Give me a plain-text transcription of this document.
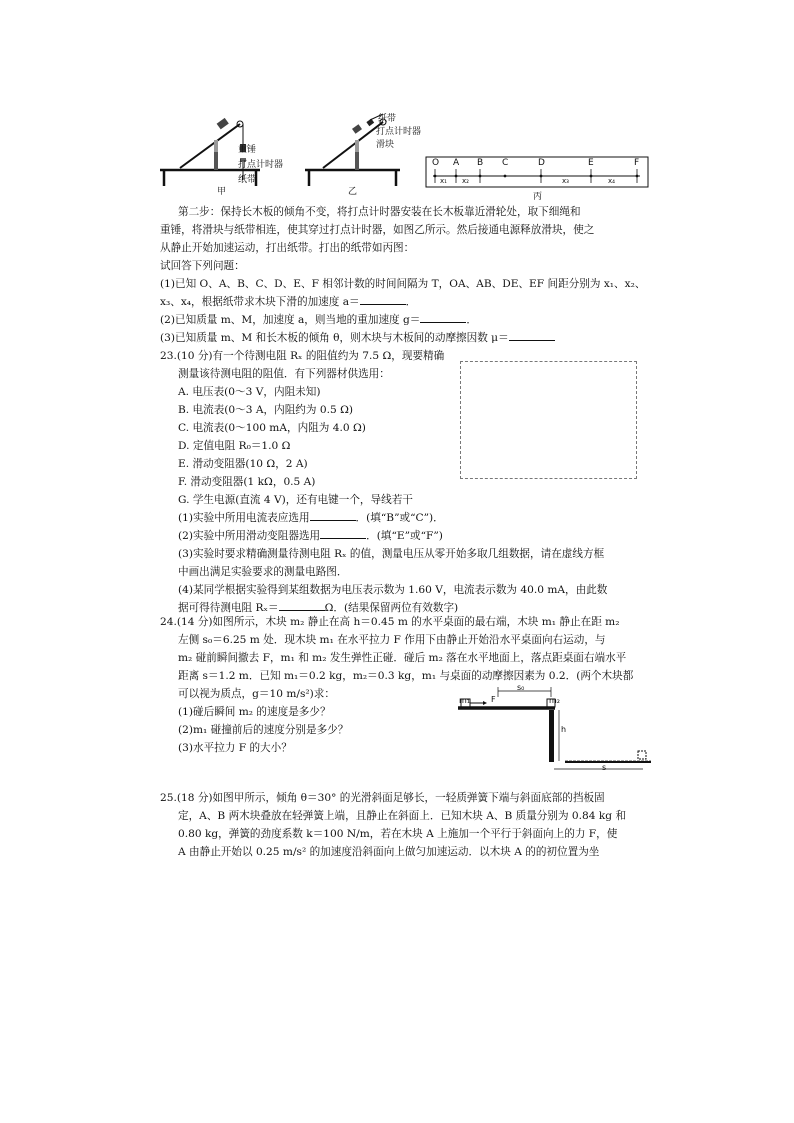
重锤
打点计时器
纸带
甲
纸带
打点计时器
滑块
乙
O A B C	D	E	F
x₁ x₂	x₃	x₄
丙
第二步：保持长木板的倾角不变，将打点计时器安装在长木板靠近滑轮处，取下细绳和
重锤，将滑块与纸带相连，使其穿过打点计时器，如图乙所示。然后接通电源释放滑块，使之
从静止开始加速运动，打出纸带。打出的纸带如丙图：
试回答下列问题：
(1)已知 O、A、B、C、D、E、F 相邻计数的时间间隔为 T，OA、AB、DE、EF 间距分别为 x₁、x₂、
x₃、x₄，根据纸带求木块下滑的加速度 a＝	．
(2)已知质量 m、M，加速度 a，则当地的重加速度 g＝	．
(3)已知质量 m、M 和长木板的倾角 θ，则木块与木板间的动摩擦因数 μ＝
23.(10 分)有一个待测电阻 Rₓ 的阻值约为 7.5 Ω，现要精确
测量该待测电阻的阻值．有下列器材供选用：
A. 电压表(0～3 V，内阻未知)
B. 电流表(0～3 A，内阻约为 0.5 Ω)
C. 电流表(0～100 mA，内阻为 4.0 Ω)
D. 定值电阻 R₀＝1.0 Ω
E. 滑动变阻器(10 Ω，2 A)
F. 滑动变阻器(1 kΩ，0.5 A)
G. 学生电源(直流 4 V)，还有电键一个，导线若干
(1)实验中所用电流表应选用	．(填“B”或“C”)．
(2)实验中所用滑动变阻器选用	．(填“E”或“F”)
(3)实验时要求精确测量待测电阻 Rₓ 的值，测量电压从零开始多取几组数据，请在虚线方框
中画出满足实验要求的测量电路图．
(4)某同学根据实验得到某组数据为电压表示数为 1.60 V，电流表示数为 40.0 mA，由此数
据可得待测电阻 Rₓ＝	Ω．(结果保留两位有效数字)
24.(14 分)如图所示，木块 m₂ 静止在高 h＝0.45 m 的水平桌面的最右端，木块 m₁ 静止在距 m₂
左侧 s₀＝6.25 m 处．现木块 m₁ 在水平拉力 F 作用下由静止开始沿水平桌面向右运动，与
m₂ 碰前瞬间撤去 F，m₁ 和 m₂ 发生弹性正碰．碰后 m₂ 落在水平地面上，落点距桌面右端水平
距离 s＝1.2 m．已知 m₁＝0.2 kg，m₂＝0.3 kg，m₁ 与桌面的动摩擦因素为 0.2．(两个木块都
可以视为质点，g＝10 m/s²)求：
(1)碰后瞬间 m₂ 的速度是多少？
(2)m₁ 碰撞前后的速度分别是多少？
(3)水平拉力 F 的大小？
25.(18 分)如图甲所示，倾角 θ＝30° 的光滑斜面足够长，一轻质弹簧下端与斜面底部的挡板固
定，A、B 两木块叠放在轻弹簧上端，且静止在斜面上．已知木块 A、B 质量分别为 0.84 kg 和
0.80 kg，弹簧的劲度系数 k＝100 N/m，若在木块 A 上施加一个平行于斜面向上的力 F，使
A 由静止开始以 0.25 m/s² 的加速度沿斜面向上做匀加速运动．以木块 A 的的初位置为坐
m₁	F
s₀
m₂
h
s
